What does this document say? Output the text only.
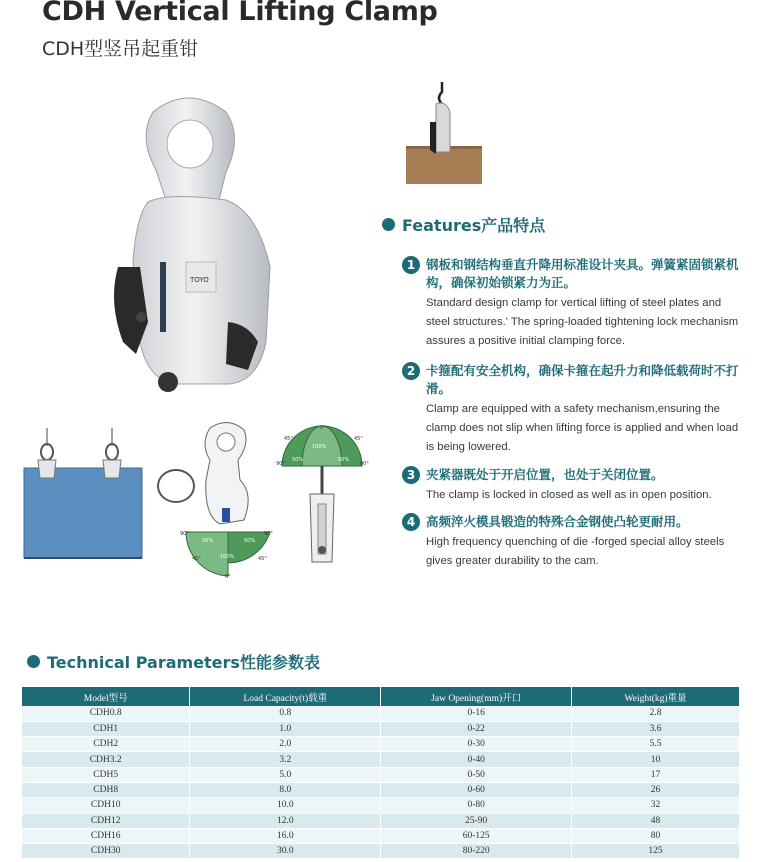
CDH Vertical Lifting Clamp
CDH型竖吊起重钳
TOYO
90°	90°
50%	50%
100%
45°	45°
0°
0°
45°	45°
100%
50%	50%
90°	90°
Features产品特点
1 钢板和钢结构垂直升降用标准设计夹具。弹簧紧固锁紧机构，确保初始锁紧力为正。
Standard design clamp for vertical lifting of steel plates and steel structures.' The spring-loaded tightening lock mechanism assures a positive initial clamping force.
2 卡箍配有安全机构，确保卡箍在起升力和降低载荷时不打滑。
Clamp are equipped with a safety mechanism,ensuring the clamp does not slip when lifting force is applied and when load is being lowered.
3 夹紧器既处于开启位置，也处于关闭位置。
The clamp is locked in closed as well as in open position.
4 高频淬火模具锻造的特殊合金钢使凸轮更耐用。
High frequency quenching of die -forged special alloy steels gives greater durability to the cam.
Technical Parameters性能参数表
Model型号	Load Capacity(t)载重	Jaw Opening(mm)开口	Weight(kg)重量
CDH0.8	0.8	0-16	2.8
CDH1	1.0	0-22	3.6
CDH2	2.0	0-30	5.5
CDH3.2	3.2	0-40	10
CDH5	5.0	0-50	17
CDH8	8.0	0-60	26
CDH10	10.0	0-80	32
CDH12	12.0	25-90	48
CDH16	16.0	60-125	80
CDH30	30.0	80-220	125
